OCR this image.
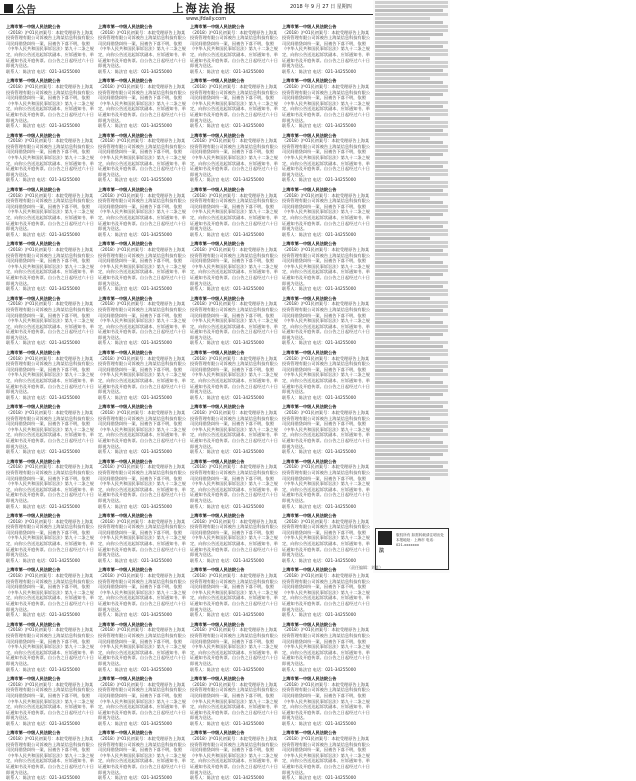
公告	上海法治报	2018 年 9 月 27 日 星期四
www.jfdaily.com
上海市第一中级人民法院公告
（2018）沪01民初案号：本院受理原告上海某投资管理有限公司诉被告上海某信息科技有限公司民间借贷纠纷一案，因被告下落不明，依照《中华人民共和国民事诉讼法》第九十二条之规定，向你公告送达起诉状副本、应诉通知书、举证通知书及开庭传票。自公告之日起经过六十日即视为送达。
联系人：陈法官 电话：021-34255000
上海市第一中级人民法院公告
（2018）沪01民初案号：本院受理原告上海某投资管理有限公司诉被告上海某信息科技有限公司民间借贷纠纷一案，因被告下落不明，依照《中华人民共和国民事诉讼法》第九十二条之规定，向你公告送达起诉状副本、应诉通知书、举证通知书及开庭传票。自公告之日起经过六十日即视为送达。
联系人：陈法官 电话：021-34255000
上海市第一中级人民法院公告
（2018）沪01民初案号：本院受理原告上海某投资管理有限公司诉被告上海某信息科技有限公司民间借贷纠纷一案，因被告下落不明，依照《中华人民共和国民事诉讼法》第九十二条之规定，向你公告送达起诉状副本、应诉通知书、举证通知书及开庭传票。自公告之日起经过六十日即视为送达。
联系人：陈法官 电话：021-34255000
上海市第一中级人民法院公告
（2018）沪01民初案号：本院受理原告上海某投资管理有限公司诉被告上海某信息科技有限公司民间借贷纠纷一案，因被告下落不明，依照《中华人民共和国民事诉讼法》第九十二条之规定，向你公告送达起诉状副本、应诉通知书、举证通知书及开庭传票。自公告之日起经过六十日即视为送达。
联系人：陈法官 电话：021-34255000
上海市第一中级人民法院公告
（2018）沪01民初案号：本院受理原告上海某投资管理有限公司诉被告上海某信息科技有限公司民间借贷纠纷一案，因被告下落不明，依照《中华人民共和国民事诉讼法》第九十二条之规定，向你公告送达起诉状副本、应诉通知书、举证通知书及开庭传票。自公告之日起经过六十日即视为送达。
联系人：陈法官 电话：021-34255000
上海市第一中级人民法院公告
（2018）沪01民初案号：本院受理原告上海某投资管理有限公司诉被告上海某信息科技有限公司民间借贷纠纷一案，因被告下落不明，依照《中华人民共和国民事诉讼法》第九十二条之规定，向你公告送达起诉状副本、应诉通知书、举证通知书及开庭传票。自公告之日起经过六十日即视为送达。
联系人：陈法官 电话：021-34255000
上海市第一中级人民法院公告
（2018）沪01民初案号：本院受理原告上海某投资管理有限公司诉被告上海某信息科技有限公司民间借贷纠纷一案，因被告下落不明，依照《中华人民共和国民事诉讼法》第九十二条之规定，向你公告送达起诉状副本、应诉通知书、举证通知书及开庭传票。自公告之日起经过六十日即视为送达。
联系人：陈法官 电话：021-34255000
上海市第一中级人民法院公告
（2018）沪01民初案号：本院受理原告上海某投资管理有限公司诉被告上海某信息科技有限公司民间借贷纠纷一案，因被告下落不明，依照《中华人民共和国民事诉讼法》第九十二条之规定，向你公告送达起诉状副本、应诉通知书、举证通知书及开庭传票。自公告之日起经过六十日即视为送达。
联系人：陈法官 电话：021-34255000
上海市第一中级人民法院公告
（2018）沪01民初案号：本院受理原告上海某投资管理有限公司诉被告上海某信息科技有限公司民间借贷纠纷一案，因被告下落不明，依照《中华人民共和国民事诉讼法》第九十二条之规定，向你公告送达起诉状副本、应诉通知书、举证通知书及开庭传票。自公告之日起经过六十日即视为送达。
联系人：陈法官 电话：021-34255000
上海市第一中级人民法院公告
（2018）沪01民初案号：本院受理原告上海某投资管理有限公司诉被告上海某信息科技有限公司民间借贷纠纷一案，因被告下落不明，依照《中华人民共和国民事诉讼法》第九十二条之规定，向你公告送达起诉状副本、应诉通知书、举证通知书及开庭传票。自公告之日起经过六十日即视为送达。
联系人：陈法官 电话：021-34255000
上海市第一中级人民法院公告
（2018）沪01民初案号：本院受理原告上海某投资管理有限公司诉被告上海某信息科技有限公司民间借贷纠纷一案，因被告下落不明，依照《中华人民共和国民事诉讼法》第九十二条之规定，向你公告送达起诉状副本、应诉通知书、举证通知书及开庭传票。自公告之日起经过六十日即视为送达。
联系人：陈法官 电话：021-34255000
上海市第一中级人民法院公告
（2018）沪01民初案号：本院受理原告上海某投资管理有限公司诉被告上海某信息科技有限公司民间借贷纠纷一案，因被告下落不明，依照《中华人民共和国民事诉讼法》第九十二条之规定，向你公告送达起诉状副本、应诉通知书、举证通知书及开庭传票。自公告之日起经过六十日即视为送达。
联系人：陈法官 电话：021-34255000
上海市第一中级人民法院公告
（2018）沪01民初案号：本院受理原告上海某投资管理有限公司诉被告上海某信息科技有限公司民间借贷纠纷一案，因被告下落不明，依照《中华人民共和国民事诉讼法》第九十二条之规定，向你公告送达起诉状副本、应诉通知书、举证通知书及开庭传票。自公告之日起经过六十日即视为送达。
联系人：陈法官 电话：021-34255000
上海市第一中级人民法院公告
（2018）沪01民初案号：本院受理原告上海某投资管理有限公司诉被告上海某信息科技有限公司民间借贷纠纷一案，因被告下落不明，依照《中华人民共和国民事诉讼法》第九十二条之规定，向你公告送达起诉状副本、应诉通知书、举证通知书及开庭传票。自公告之日起经过六十日即视为送达。
联系人：陈法官 电话：021-34255000
上海市第一中级人民法院公告
（2018）沪01民初案号：本院受理原告上海某投资管理有限公司诉被告上海某信息科技有限公司民间借贷纠纷一案，因被告下落不明，依照《中华人民共和国民事诉讼法》第九十二条之规定，向你公告送达起诉状副本、应诉通知书、举证通知书及开庭传票。自公告之日起经过六十日即视为送达。
联系人：陈法官 电话：021-34255000
上海市第一中级人民法院公告
（2018）沪01民初案号：本院受理原告上海某投资管理有限公司诉被告上海某信息科技有限公司民间借贷纠纷一案，因被告下落不明，依照《中华人民共和国民事诉讼法》第九十二条之规定，向你公告送达起诉状副本、应诉通知书、举证通知书及开庭传票。自公告之日起经过六十日即视为送达。
联系人：陈法官 电话：021-34255000
上海市第一中级人民法院公告
（2018）沪01民初案号：本院受理原告上海某投资管理有限公司诉被告上海某信息科技有限公司民间借贷纠纷一案，因被告下落不明，依照《中华人民共和国民事诉讼法》第九十二条之规定，向你公告送达起诉状副本、应诉通知书、举证通知书及开庭传票。自公告之日起经过六十日即视为送达。
联系人：陈法官 电话：021-34255000
上海市第一中级人民法院公告
（2018）沪01民初案号：本院受理原告上海某投资管理有限公司诉被告上海某信息科技有限公司民间借贷纠纷一案，因被告下落不明，依照《中华人民共和国民事诉讼法》第九十二条之规定，向你公告送达起诉状副本、应诉通知书、举证通知书及开庭传票。自公告之日起经过六十日即视为送达。
联系人：陈法官 电话：021-34255000
上海市第一中级人民法院公告
（2018）沪01民初案号：本院受理原告上海某投资管理有限公司诉被告上海某信息科技有限公司民间借贷纠纷一案，因被告下落不明，依照《中华人民共和国民事诉讼法》第九十二条之规定，向你公告送达起诉状副本、应诉通知书、举证通知书及开庭传票。自公告之日起经过六十日即视为送达。
联系人：陈法官 电话：021-34255000
上海市第一中级人民法院公告
（2018）沪01民初案号：本院受理原告上海某投资管理有限公司诉被告上海某信息科技有限公司民间借贷纠纷一案，因被告下落不明，依照《中华人民共和国民事诉讼法》第九十二条之规定，向你公告送达起诉状副本、应诉通知书、举证通知书及开庭传票。自公告之日起经过六十日即视为送达。
联系人：陈法官 电话：021-34255000
上海市第一中级人民法院公告
（2018）沪01民初案号：本院受理原告上海某投资管理有限公司诉被告上海某信息科技有限公司民间借贷纠纷一案，因被告下落不明，依照《中华人民共和国民事诉讼法》第九十二条之规定，向你公告送达起诉状副本、应诉通知书、举证通知书及开庭传票。自公告之日起经过六十日即视为送达。
联系人：陈法官 电话：021-34255000
上海市第一中级人民法院公告
（2018）沪01民初案号：本院受理原告上海某投资管理有限公司诉被告上海某信息科技有限公司民间借贷纠纷一案，因被告下落不明，依照《中华人民共和国民事诉讼法》第九十二条之规定，向你公告送达起诉状副本、应诉通知书、举证通知书及开庭传票。自公告之日起经过六十日即视为送达。
联系人：陈法官 电话：021-34255000
上海市第一中级人民法院公告
（2018）沪01民初案号：本院受理原告上海某投资管理有限公司诉被告上海某信息科技有限公司民间借贷纠纷一案，因被告下落不明，依照《中华人民共和国民事诉讼法》第九十二条之规定，向你公告送达起诉状副本、应诉通知书、举证通知书及开庭传票。自公告之日起经过六十日即视为送达。
联系人：陈法官 电话：021-34255000
上海市第一中级人民法院公告
（2018）沪01民初案号：本院受理原告上海某投资管理有限公司诉被告上海某信息科技有限公司民间借贷纠纷一案，因被告下落不明，依照《中华人民共和国民事诉讼法》第九十二条之规定，向你公告送达起诉状副本、应诉通知书、举证通知书及开庭传票。自公告之日起经过六十日即视为送达。
联系人：陈法官 电话：021-34255000
上海市第一中级人民法院公告
（2018）沪01民初案号：本院受理原告上海某投资管理有限公司诉被告上海某信息科技有限公司民间借贷纠纷一案，因被告下落不明，依照《中华人民共和国民事诉讼法》第九十二条之规定，向你公告送达起诉状副本、应诉通知书、举证通知书及开庭传票。自公告之日起经过六十日即视为送达。
联系人：陈法官 电话：021-34255000
上海市第一中级人民法院公告
（2018）沪01民初案号：本院受理原告上海某投资管理有限公司诉被告上海某信息科技有限公司民间借贷纠纷一案，因被告下落不明，依照《中华人民共和国民事诉讼法》第九十二条之规定，向你公告送达起诉状副本、应诉通知书、举证通知书及开庭传票。自公告之日起经过六十日即视为送达。
联系人：陈法官 电话：021-34255000
上海市第一中级人民法院公告
（2018）沪01民初案号：本院受理原告上海某投资管理有限公司诉被告上海某信息科技有限公司民间借贷纠纷一案，因被告下落不明，依照《中华人民共和国民事诉讼法》第九十二条之规定，向你公告送达起诉状副本、应诉通知书、举证通知书及开庭传票。自公告之日起经过六十日即视为送达。
联系人：陈法官 电话：021-34255000
上海市第一中级人民法院公告
（2018）沪01民初案号：本院受理原告上海某投资管理有限公司诉被告上海某信息科技有限公司民间借贷纠纷一案，因被告下落不明，依照《中华人民共和国民事诉讼法》第九十二条之规定，向你公告送达起诉状副本、应诉通知书、举证通知书及开庭传票。自公告之日起经过六十日即视为送达。
联系人：陈法官 电话：021-34255000
上海市第一中级人民法院公告
（2018）沪01民初案号：本院受理原告上海某投资管理有限公司诉被告上海某信息科技有限公司民间借贷纠纷一案，因被告下落不明，依照《中华人民共和国民事诉讼法》第九十二条之规定，向你公告送达起诉状副本、应诉通知书、举证通知书及开庭传票。自公告之日起经过六十日即视为送达。
联系人：陈法官 电话：021-34255000
上海市第一中级人民法院公告
（2018）沪01民初案号：本院受理原告上海某投资管理有限公司诉被告上海某信息科技有限公司民间借贷纠纷一案，因被告下落不明，依照《中华人民共和国民事诉讼法》第九十二条之规定，向你公告送达起诉状副本、应诉通知书、举证通知书及开庭传票。自公告之日起经过六十日即视为送达。
联系人：陈法官 电话：021-34255000
上海市第一中级人民法院公告
（2018）沪01民初案号：本院受理原告上海某投资管理有限公司诉被告上海某信息科技有限公司民间借贷纠纷一案，因被告下落不明，依照《中华人民共和国民事诉讼法》第九十二条之规定，向你公告送达起诉状副本、应诉通知书、举证通知书及开庭传票。自公告之日起经过六十日即视为送达。
联系人：陈法官 电话：021-34255000
上海市第一中级人民法院公告
（2018）沪01民初案号：本院受理原告上海某投资管理有限公司诉被告上海某信息科技有限公司民间借贷纠纷一案，因被告下落不明，依照《中华人民共和国民事诉讼法》第九十二条之规定，向你公告送达起诉状副本、应诉通知书、举证通知书及开庭传票。自公告之日起经过六十日即视为送达。
联系人：陈法官 电话：021-34255000
上海市第一中级人民法院公告
（2018）沪01民初案号：本院受理原告上海某投资管理有限公司诉被告上海某信息科技有限公司民间借贷纠纷一案，因被告下落不明，依照《中华人民共和国民事诉讼法》第九十二条之规定，向你公告送达起诉状副本、应诉通知书、举证通知书及开庭传票。自公告之日起经过六十日即视为送达。
联系人：陈法官 电话：021-34255000
上海市第一中级人民法院公告
（2018）沪01民初案号：本院受理原告上海某投资管理有限公司诉被告上海某信息科技有限公司民间借贷纠纷一案，因被告下落不明，依照《中华人民共和国民事诉讼法》第九十二条之规定，向你公告送达起诉状副本、应诉通知书、举证通知书及开庭传票。自公告之日起经过六十日即视为送达。
联系人：陈法官 电话：021-34255000
上海市第一中级人民法院公告
（2018）沪01民初案号：本院受理原告上海某投资管理有限公司诉被告上海某信息科技有限公司民间借贷纠纷一案，因被告下落不明，依照《中华人民共和国民事诉讼法》第九十二条之规定，向你公告送达起诉状副本、应诉通知书、举证通知书及开庭传票。自公告之日起经过六十日即视为送达。
联系人：陈法官 电话：021-34255000
上海市第一中级人民法院公告
（2018）沪01民初案号：本院受理原告上海某投资管理有限公司诉被告上海某信息科技有限公司民间借贷纠纷一案，因被告下落不明，依照《中华人民共和国民事诉讼法》第九十二条之规定，向你公告送达起诉状副本、应诉通知书、举证通知书及开庭传票。自公告之日起经过六十日即视为送达。
联系人：陈法官 电话：021-34255000
上海市第一中级人民法院公告
（2018）沪01民初案号：本院受理原告上海某投资管理有限公司诉被告上海某信息科技有限公司民间借贷纠纷一案，因被告下落不明，依照《中华人民共和国民事诉讼法》第九十二条之规定，向你公告送达起诉状副本、应诉通知书、举证通知书及开庭传票。自公告之日起经过六十日即视为送达。
联系人：陈法官 电话：021-34255000
上海市第一中级人民法院公告
（2018）沪01民初案号：本院受理原告上海某投资管理有限公司诉被告上海某信息科技有限公司民间借贷纠纷一案，因被告下落不明，依照《中华人民共和国民事诉讼法》第九十二条之规定，向你公告送达起诉状副本、应诉通知书、举证通知书及开庭传票。自公告之日起经过六十日即视为送达。
联系人：陈法官 电话：021-34255000
上海市第一中级人民法院公告
（2018）沪01民初案号：本院受理原告上海某投资管理有限公司诉被告上海某信息科技有限公司民间借贷纠纷一案，因被告下落不明，依照《中华人民共和国民事诉讼法》第九十二条之规定，向你公告送达起诉状副本、应诉通知书、举证通知书及开庭传票。自公告之日起经过六十日即视为送达。
联系人：陈法官 电话：021-34255000
上海市第一中级人民法院公告
（2018）沪01民初案号：本院受理原告上海某投资管理有限公司诉被告上海某信息科技有限公司民间借贷纠纷一案，因被告下落不明，依照《中华人民共和国民事诉讼法》第九十二条之规定，向你公告送达起诉状副本、应诉通知书、举证通知书及开庭传票。自公告之日起经过六十日即视为送达。
联系人：陈法官 电话：021-34255000
上海市第一中级人民法院公告
（2018）沪01民初案号：本院受理原告上海某投资管理有限公司诉被告上海某信息科技有限公司民间借贷纠纷一案，因被告下落不明，依照《中华人民共和国民事诉讼法》第九十二条之规定，向你公告送达起诉状副本、应诉通知书、举证通知书及开庭传票。自公告之日起经过六十日即视为送达。
联系人：陈法官 电话：021-34255000
上海市第一中级人民法院公告
（2018）沪01民初案号：本院受理原告上海某投资管理有限公司诉被告上海某信息科技有限公司民间借贷纠纷一案，因被告下落不明，依照《中华人民共和国民事诉讼法》第九十二条之规定，向你公告送达起诉状副本、应诉通知书、举证通知书及开庭传票。自公告之日起经过六十日即视为送达。
联系人：陈法官 电话：021-34255000
上海市第一中级人民法院公告
（2018）沪01民初案号：本院受理原告上海某投资管理有限公司诉被告上海某信息科技有限公司民间借贷纠纷一案，因被告下落不明，依照《中华人民共和国民事诉讼法》第九十二条之规定，向你公告送达起诉状副本、应诉通知书、举证通知书及开庭传票。自公告之日起经过六十日即视为送达。
联系人：陈法官 电话：021-34255000
上海市第一中级人民法院公告
（2018）沪01民初案号：本院受理原告上海某投资管理有限公司诉被告上海某信息科技有限公司民间借贷纠纷一案，因被告下落不明，依照《中华人民共和国民事诉讼法》第九十二条之规定，向你公告送达起诉状副本、应诉通知书、举证通知书及开庭传票。自公告之日起经过六十日即视为送达。
联系人：陈法官 电话：021-34255000
上海市第一中级人民法院公告
（2018）沪01民初案号：本院受理原告上海某投资管理有限公司诉被告上海某信息科技有限公司民间借贷纠纷一案，因被告下落不明，依照《中华人民共和国民事诉讼法》第九十二条之规定，向你公告送达起诉状副本、应诉通知书、举证通知书及开庭传票。自公告之日起经过六十日即视为送达。
联系人：陈法官 电话：021-34255000
上海市第一中级人民法院公告
（2018）沪01民初案号：本院受理原告上海某投资管理有限公司诉被告上海某信息科技有限公司民间借贷纠纷一案，因被告下落不明，依照《中华人民共和国民事诉讼法》第九十二条之规定，向你公告送达起诉状副本、应诉通知书、举证通知书及开庭传票。自公告之日起经过六十日即视为送达。
联系人：陈法官 电话：021-34255000
上海市第一中级人民法院公告
（2018）沪01民初案号：本院受理原告上海某投资管理有限公司诉被告上海某信息科技有限公司民间借贷纠纷一案，因被告下落不明，依照《中华人民共和国民事诉讼法》第九十二条之规定，向你公告送达起诉状副本、应诉通知书、举证通知书及开庭传票。自公告之日起经过六十日即视为送达。
联系人：陈法官 电话：021-34255000
上海市第一中级人民法院公告
（2018）沪01民初案号：本院受理原告上海某投资管理有限公司诉被告上海某信息科技有限公司民间借贷纠纷一案，因被告下落不明，依照《中华人民共和国民事诉讼法》第九十二条之规定，向你公告送达起诉状副本、应诉通知书、举证通知书及开庭传票。自公告之日起经过六十日即视为送达。
联系人：陈法官 电话：021-34255000
上海市第一中级人民法院公告
（2018）沪01民初案号：本院受理原告上海某投资管理有限公司诉被告上海某信息科技有限公司民间借贷纠纷一案，因被告下落不明，依照《中华人民共和国民事诉讼法》第九十二条之规定，向你公告送达起诉状副本、应诉通知书、举证通知书及开庭传票。自公告之日起经过六十日即视为送达。
联系人：陈法官 电话：021-34255000
上海市第一中级人民法院公告
（2018）沪01民初案号：本院受理原告上海某投资管理有限公司诉被告上海某信息科技有限公司民间借贷纠纷一案，因被告下落不明，依照《中华人民共和国民事诉讼法》第九十二条之规定，向你公告送达起诉状副本、应诉通知书、举证通知书及开庭传票。自公告之日起经过六十日即视为送达。
联系人：陈法官 电话：021-34255000
上海市第一中级人民法院公告
（2018）沪01民初案号：本院受理原告上海某投资管理有限公司诉被告上海某信息科技有限公司民间借贷纠纷一案，因被告下落不明，依照《中华人民共和国民事诉讼法》第九十二条之规定，向你公告送达起诉状副本、应诉通知书、举证通知书及开庭传票。自公告之日起经过六十日即视为送达。
联系人：陈法官 电话：021-34255000
上海市第一中级人民法院公告
（2018）沪01民初案号：本院受理原告上海某投资管理有限公司诉被告上海某信息科技有限公司民间借贷纠纷一案，因被告下落不明，依照《中华人民共和国民事诉讼法》第九十二条之规定，向你公告送达起诉状副本、应诉通知书、举证通知书及开庭传票。自公告之日起经过六十日即视为送达。
联系人：陈法官 电话：021-34255000
上海市第一中级人民法院公告
（2018）沪01民初案号：本院受理原告上海某投资管理有限公司诉被告上海某信息科技有限公司民间借贷纠纷一案，因被告下落不明，依照《中华人民共和国民事诉讼法》第九十二条之规定，向你公告送达起诉状副本、应诉通知书、举证通知书及开庭传票。自公告之日起经过六十日即视为送达。
联系人：陈法官 电话：021-34255000
上海市第一中级人民法院公告
（2018）沪01民初案号：本院受理原告上海某投资管理有限公司诉被告上海某信息科技有限公司民间借贷纠纷一案，因被告下落不明，依照《中华人民共和国民事诉讼法》第九十二条之规定，向你公告送达起诉状副本、应诉通知书、举证通知书及开庭传票。自公告之日起经过六十日即视为送达。
联系人：陈法官 电话：021-34255000
上海市第一中级人民法院公告
（2018）沪01民初案号：本院受理原告上海某投资管理有限公司诉被告上海某信息科技有限公司民间借贷纠纷一案，因被告下落不明，依照《中华人民共和国民事诉讼法》第九十二条之规定，向你公告送达起诉状副本、应诉通知书、举证通知书及开庭传票。自公告之日起经过六十日即视为送达。
联系人：陈法官 电话：021-34255000
上海市第一中级人民法院公告
（2018）沪01民初案号：本院受理原告上海某投资管理有限公司诉被告上海某信息科技有限公司民间借贷纠纷一案，因被告下落不明，依照《中华人民共和国民事诉讼法》第九十二条之规定，向你公告送达起诉状副本、应诉通知书、举证通知书及开庭传票。自公告之日起经过六十日即视为送达。
联系人：陈法官 电话：021-34255000
法
版权所有 如需转载请注明出处 本报地址：上海市 电话：021-xxxxxxx
（责任编辑：刘某）
